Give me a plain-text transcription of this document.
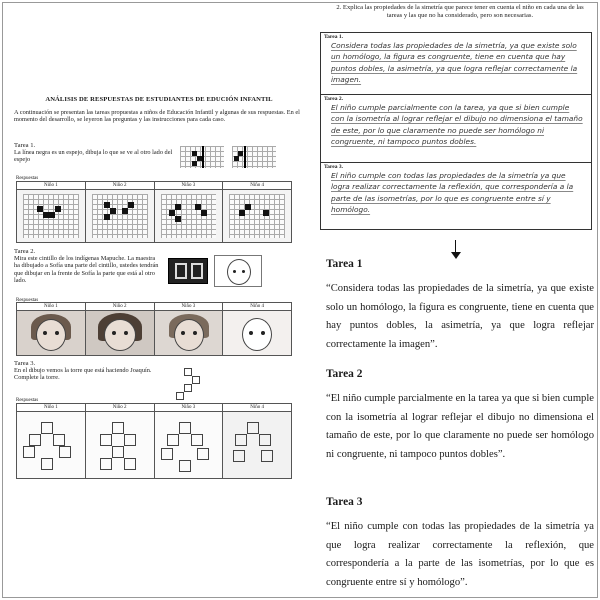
ANÁLISIS DE RESPUESTAS DE ESTUDIANTES DE EDUCIÓN INFANTIL
A continuación se presentan las tareas propuestas a niños de Educación Infantil y algunas de sus respuestas. En el momento del desarrollo, se leyeron las preguntas y las instrucciones para cada caso.
Tarea 1.
La línea negra es un espejo, dibuja lo que se ve al otro lado del espejo
Respuestas
Niño 1	Niño 2	Niño 3	Niño 4
Tarea 2.
Mira este cintillo de los indígenas Mapuche. La maestra ha dibujado a Sofía una parte del cintillo, ustedes tendrán que dibujar en la frente de Sofía la parte que está al otro lado.
Respuestas
Niño 1	Niño 2	Niño 3	Niño 4
Tarea 3.
En el dibujo vemos la torre que está haciendo Joaquín. Complete la torre.
Respuestas
Niño 1	Niño 2	Niño 3	Niño 4
2. Explica las propiedades de la simetría que parece tener en cuenta el niño en cada una de las tareas y las que no ha considerado, pero son necesarias.
Tarea 1.
Considera todas las propiedades de la simetría, ya que existe solo un homólogo, la figura es congruente, tiene en cuenta que hay puntos dobles, la asimetría, ya que logra reflejar correctamente la imagen.
Tarea 2.
El niño cumple parcialmente con la tarea, ya que si bien cumple con la isometría al lograr reflejar el dibujo no dimensiona el tamaño de este, por lo que claramente no puede ser homólogo ni congruente, ni tampoco puntos dobles.
Tarea 3.
El niño cumple con todas las propiedades de la simetría ya que logra realizar correctamente la reflexión, que correspondería a la parte de las isometrías, por lo que es congruente entre sí y homólogo.
Tarea 1
“Considera todas las propiedades de la simetría, ya que existe solo un homólogo, la figura es congruente, tiene en cuenta que hay puntos dobles, la asimetría, ya que logra reflejar correctamente la imagen”.
Tarea 2
“El niño cumple parcialmente en la tarea ya que si bien cumple con la isometría al lograr reflejar el dibujo no dimensiona el tamaño de este, por lo que claramente no puede ser homólogo ni congruente, ni tampoco puntos dobles”.
Tarea 3
“El niño cumple con todas las propiedades de la simetría ya que logra realizar correctamente la reflexión, que correspondería a la parte de las isometrías, por lo que es congruente entre sí y homólogo”.
